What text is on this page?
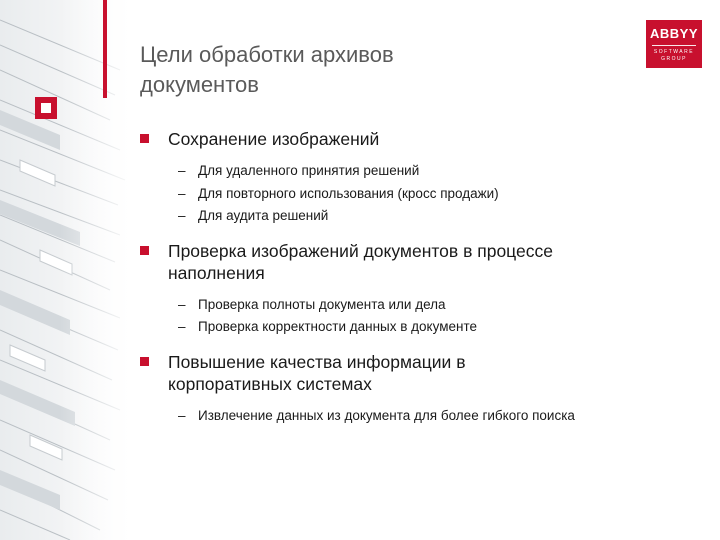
ABBYY
SOFTWARE
GROUP
Цели обработки архивов
документов
Сохранение изображений
– Для удаленного принятия решений
– Для повторного использования (кросс продажи)
– Для аудита решений
Проверка изображений документов в процессе
наполнения
– Проверка полноты документа или дела
– Проверка корректности данных в документе
Повышение качества информации в
корпоративных системах
– Извлечение данных из документа для более гибкого поиска
